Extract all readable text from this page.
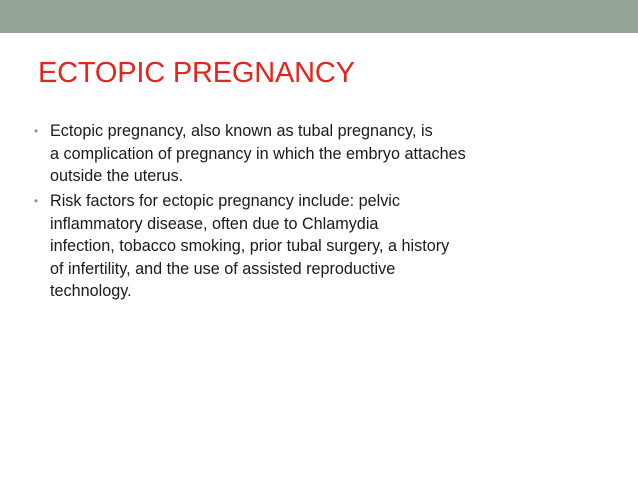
ECTOPIC PREGNANCY
• Ectopic pregnancy, also known as tubal pregnancy, is
a complication of pregnancy in which the embryo attaches
outside the uterus.
• Risk factors for ectopic pregnancy include: pelvic
inflammatory disease, often due to Chlamydia
infection, tobacco smoking, prior tubal surgery, a history
of infertility, and the use of assisted reproductive
technology.
